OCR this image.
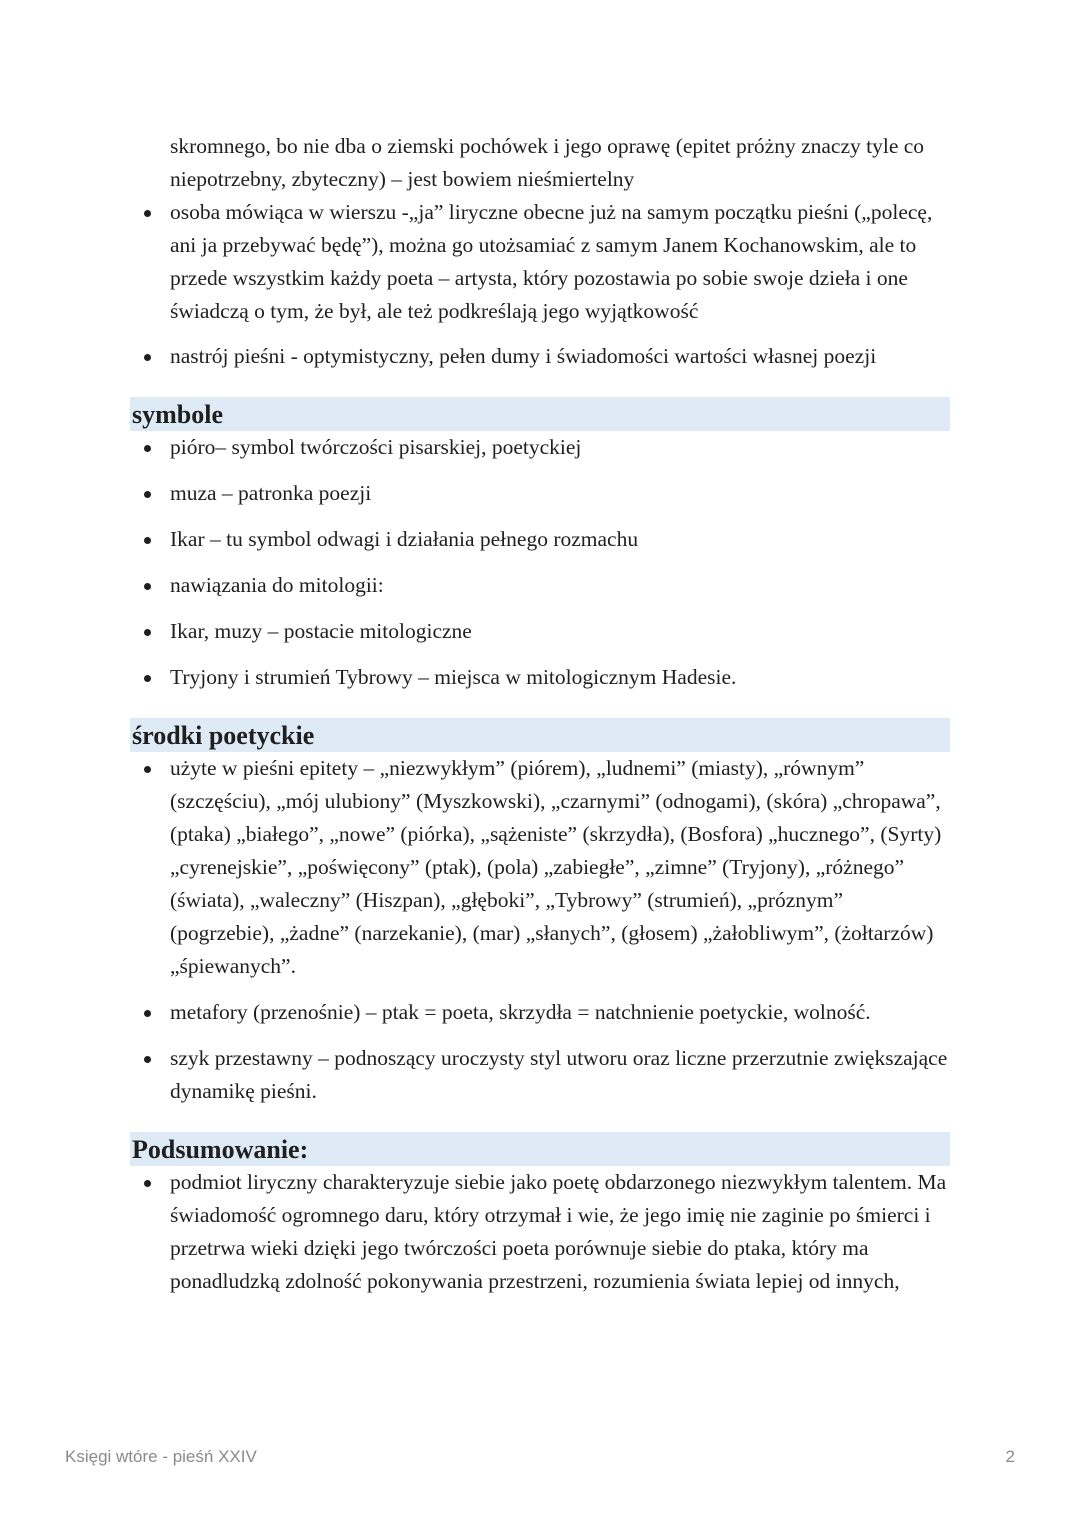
skromnego, bo nie dba o ziemski pochówek i jego oprawę (epitet próżny znaczy tyle co niepotrzebny, zbyteczny) – jest bowiem nieśmiertelny

osoba mówiąca w wierszu -„ja” liryczne obecne już na samym początku pieśni („polecę, ani ja przebywać będę”), można go utożsamiać z samym Janem Kochanowskim, ale to przede wszystkim każdy poeta – artysta, który pozostawia po sobie swoje dzieła i one świadczą o tym, że był, ale też podkreślają jego wyjątkowość
nastrój pieśni - optymistyczny, pełen dumy i świadomości wartości własnej poezji
symbole
pióro– symbol twórczości pisarskiej, poetyckiej
muza – patronka poezji
Ikar – tu symbol odwagi i działania pełnego rozmachu
nawiązania do mitologii:
Ikar, muzy – postacie mitologiczne
Tryjony i strumień Tybrowy – miejsca w mitologicznym Hadesie.
środki poetyckie
użyte w pieśni epitety – „niezwykłym” (piórem), „ludnemi” (miasty), „równym” (szczęściu), „mój ulubiony” (Myszkowski), „czarnymi” (odnogami), (skóra) „chropawa”, (ptaka) „białego”, „nowe” (piórka), „sążeniste” (skrzydła), (Bosfora) „hucznego”, (Syrty) „cyrenejskie”, „poświęcony” (ptak), (pola) „zabiegłe”, „zimne” (Tryjony), „różnego” (świata), „waleczny” (Hiszpan), „głęboki”, „Tybrowy” (strumień), „próznym” (pogrzebie), „żadne” (narzekanie), (mar) „słanych”, (głosem) „żałobliwym”, (żołtarzów) „śpiewanych”.
metafory (przenośnie) – ptak = poeta, skrzydła = natchnienie poetyckie, wolność.
szyk przestawny – podnoszący uroczysty styl utworu oraz liczne przerzutnie zwiększające dynamikę pieśni.
Podsumowanie:
podmiot liryczny charakteryzuje siebie jako poetę obdarzonego niezwykłym talentem. Ma świadomość ogromnego daru, który otrzymał i wie, że jego imię nie zaginie po śmierci i przetrwa wieki dzięki jego twórczości poeta porównuje siebie do ptaka, który ma ponadludzką zdolność pokonywania przestrzeni, rozumienia świata lepiej od innych,
Księgi wtóre - pieśń XXIV	2
